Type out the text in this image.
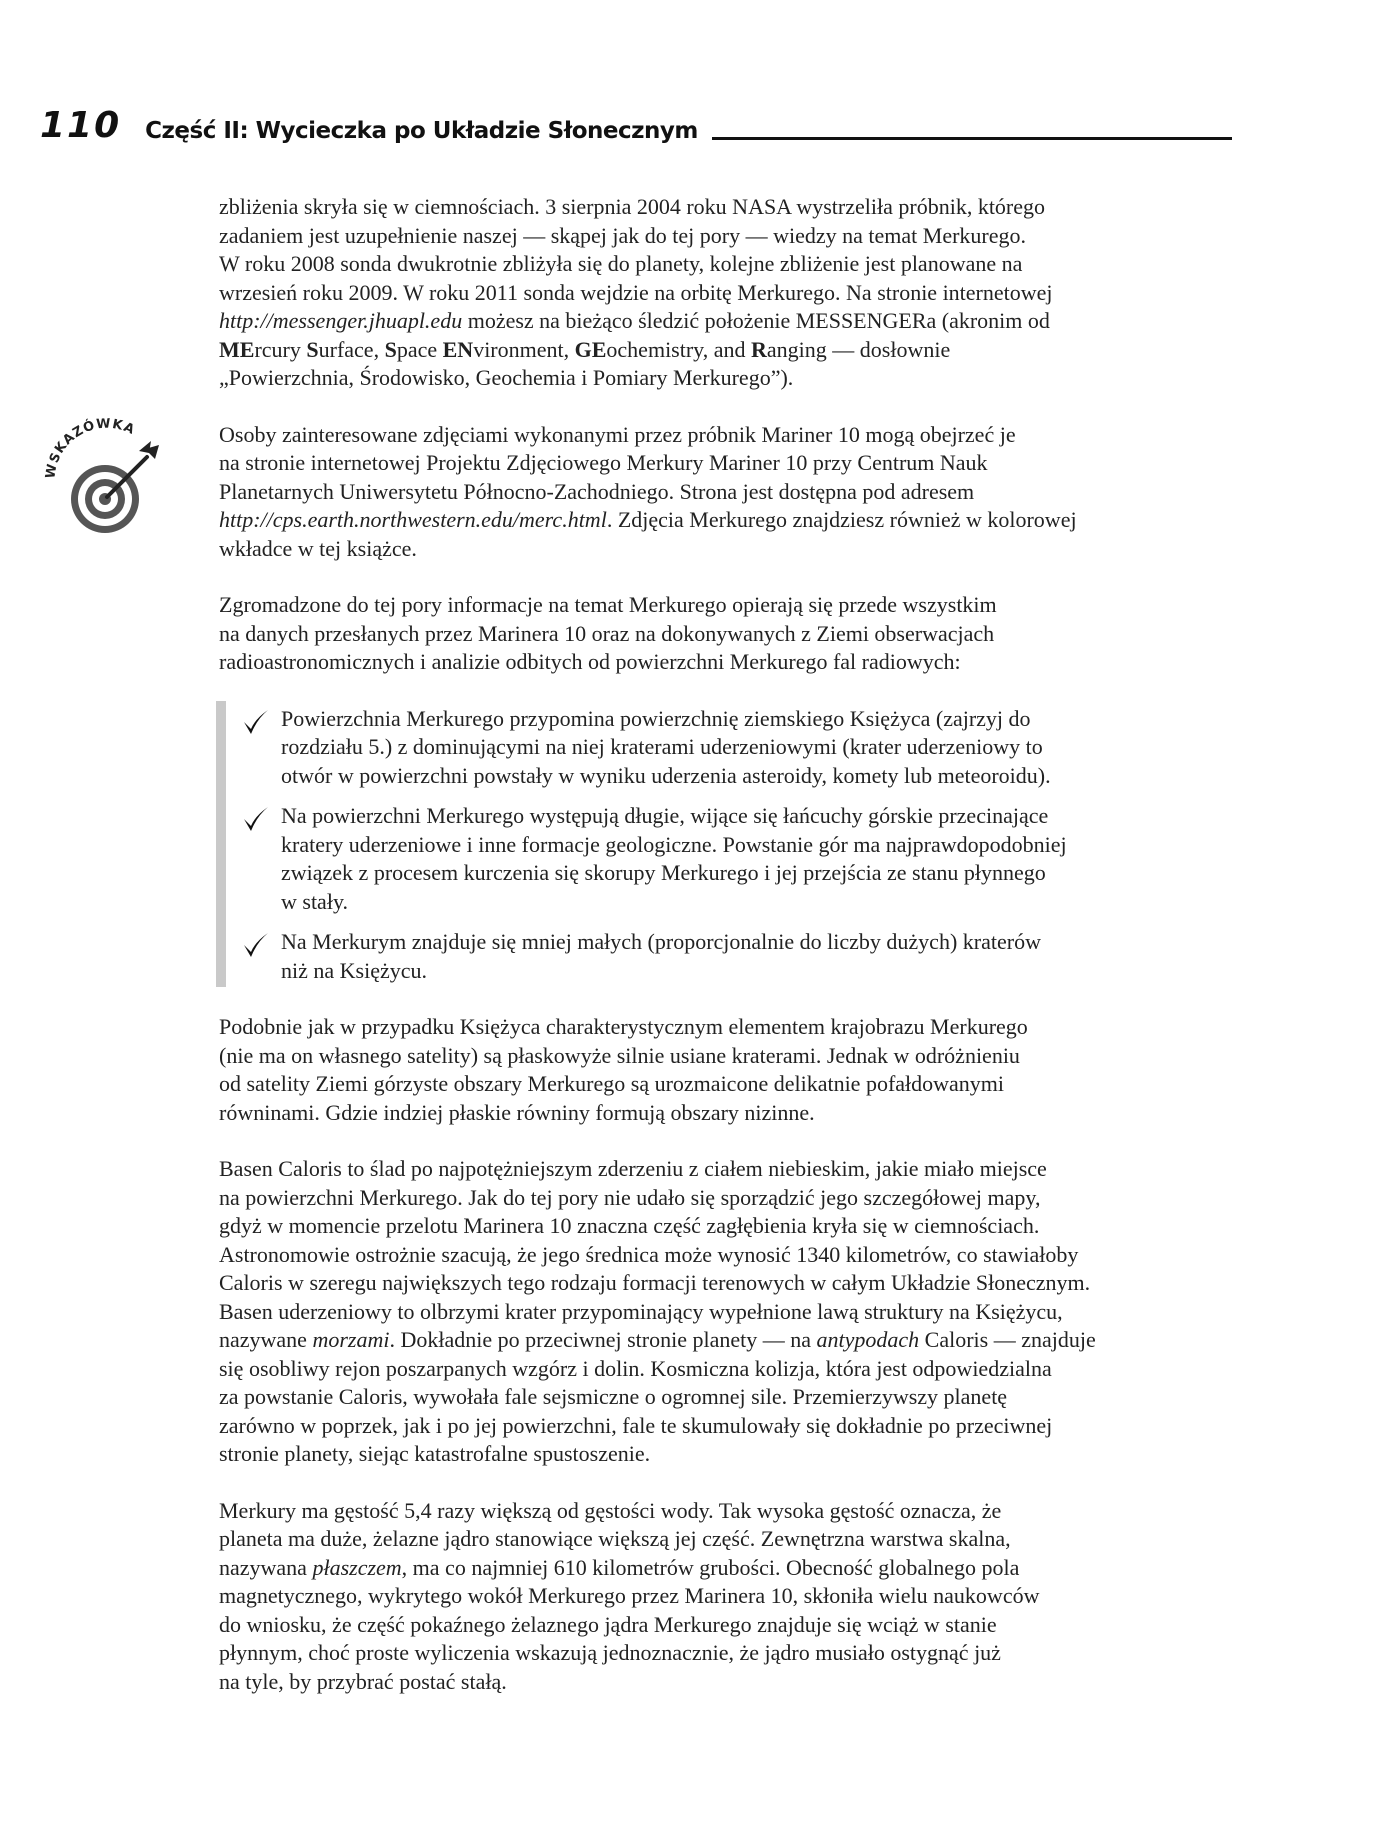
110 Część II: Wycieczka po Układzie Słonecznym
zbliżenia skryła się w ciemnościach. 3 sierpnia 2004 roku NASA wystrzeliła próbnik, którego
zadaniem jest uzupełnienie naszej — skąpej jak do tej pory — wiedzy na temat Merkurego.
W roku 2008 sonda dwukrotnie zbliżyła się do planety, kolejne zbliżenie jest planowane na
wrzesień roku 2009. W roku 2011 sonda wejdzie na orbitę Merkurego. Na stronie internetowej
http://messenger.jhuapl.edu możesz na bieżąco śledzić położenie MESSENGERa (akronim od
MErcury Surface, Space ENvironment, GEochemistry, and Ranging — dosłownie
„Powierzchnia, Środowisko, Geochemia i Pomiary Merkurego”).
WSKAZÓWKA	Osoby zainteresowane zdjęciami wykonanymi przez próbnik Mariner 10 mogą obejrzeć je
na stronie internetowej Projektu Zdjęciowego Merkury Mariner 10 przy Centrum Nauk
Planetarnych Uniwersytetu Północno-Zachodniego. Strona jest dostępna pod adresem
http://cps.earth.northwestern.edu/merc.html. Zdjęcia Merkurego znajdziesz również w kolorowej
wkładce w tej książce.
Zgromadzone do tej pory informacje na temat Merkurego opierają się przede wszystkim
na danych przesłanych przez Marinera 10 oraz na dokonywanych z Ziemi obserwacjach
radioastronomicznych i analizie odbitych od powierzchni Merkurego fal radiowych:
Powierzchnia Merkurego przypomina powierzchnię ziemskiego Księżyca (zajrzyj do
rozdziału 5.) z dominującymi na niej kraterami uderzeniowymi (krater uderzeniowy to
otwór w powierzchni powstały w wyniku uderzenia asteroidy, komety lub meteoroidu).
Na powierzchni Merkurego występują długie, wijące się łańcuchy górskie przecinające
kratery uderzeniowe i inne formacje geologiczne. Powstanie gór ma najprawdopodobniej
związek z procesem kurczenia się skorupy Merkurego i jej przejścia ze stanu płynnego
w stały.
Na Merkurym znajduje się mniej małych (proporcjonalnie do liczby dużych) kraterów
niż na Księżycu.
Podobnie jak w przypadku Księżyca charakterystycznym elementem krajobrazu Merkurego
(nie ma on własnego satelity) są płaskowyże silnie usiane kraterami. Jednak w odróżnieniu
od satelity Ziemi górzyste obszary Merkurego są urozmaicone delikatnie pofałdowanymi
równinami. Gdzie indziej płaskie równiny formują obszary nizinne.
Basen Caloris to ślad po najpotężniejszym zderzeniu z ciałem niebieskim, jakie miało miejsce
na powierzchni Merkurego. Jak do tej pory nie udało się sporządzić jego szczegółowej mapy,
gdyż w momencie przelotu Marinera 10 znaczna część zagłębienia kryła się w ciemnościach.
Astronomowie ostrożnie szacują, że jego średnica może wynosić 1340 kilometrów, co stawiałoby
Caloris w szeregu największych tego rodzaju formacji terenowych w całym Układzie Słonecznym.
Basen uderzeniowy to olbrzymi krater przypominający wypełnione lawą struktury na Księżycu,
nazywane morzami. Dokładnie po przeciwnej stronie planety — na antypodach Caloris — znajduje
się osobliwy rejon poszarpanych wzgórz i dolin. Kosmiczna kolizja, która jest odpowiedzialna
za powstanie Caloris, wywołała fale sejsmiczne o ogromnej sile. Przemierzywszy planetę
zarówno w poprzek, jak i po jej powierzchni, fale te skumulowały się dokładnie po przeciwnej
stronie planety, siejąc katastrofalne spustoszenie.
Merkury ma gęstość 5,4 razy większą od gęstości wody. Tak wysoka gęstość oznacza, że
planeta ma duże, żelazne jądro stanowiące większą jej część. Zewnętrzna warstwa skalna,
nazywana płaszczem, ma co najmniej 610 kilometrów grubości. Obecność globalnego pola
magnetycznego, wykrytego wokół Merkurego przez Marinera 10, skłoniła wielu naukowców
do wniosku, że część pokaźnego żelaznego jądra Merkurego znajduje się wciąż w stanie
płynnym, choć proste wyliczenia wskazują jednoznacznie, że jądro musiało ostygnąć już
na tyle, by przybrać postać stałą.
